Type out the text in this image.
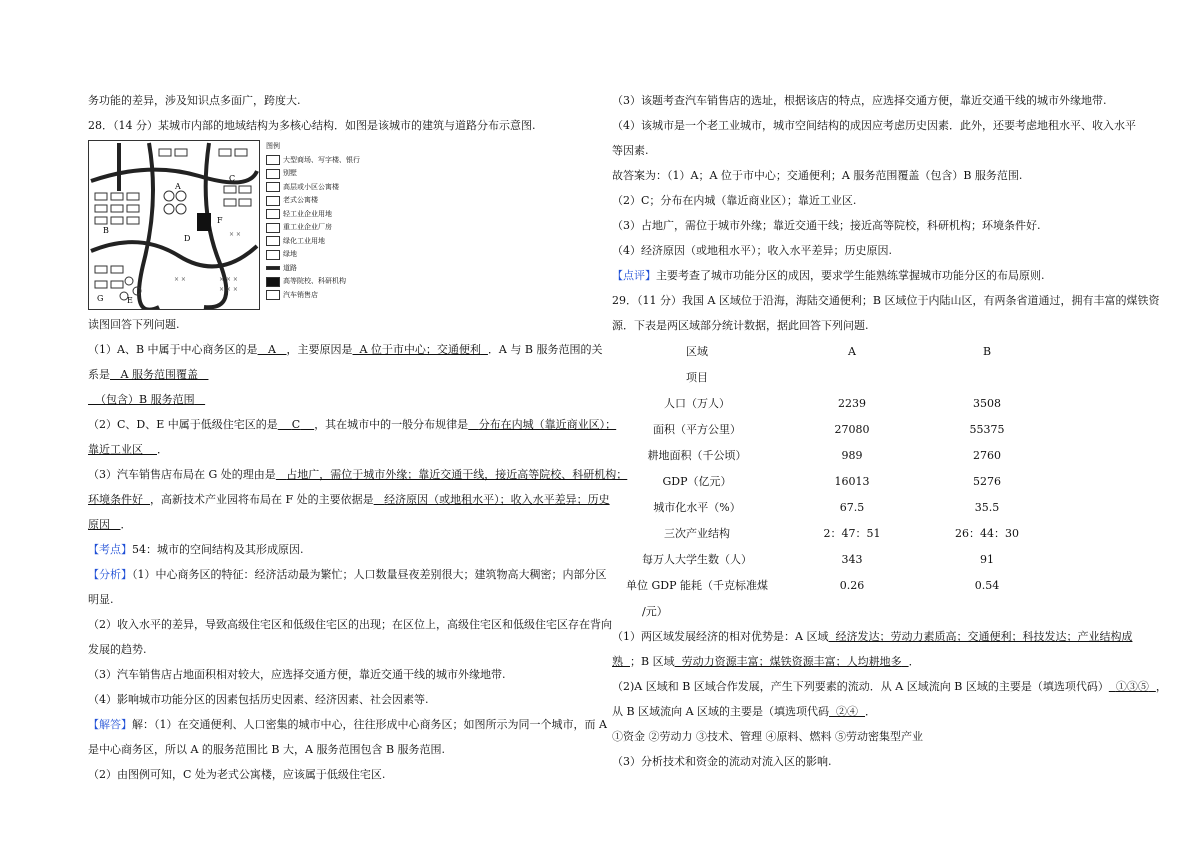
务功能的差异，涉及知识点多面广，跨度大.

28．（14 分）某城市内部的地域结构为多核心结构．如图是该城市的建筑与道路分布示意图.

× × ×
× × ×
× ×
× ×
A
B
C
D
E
F
G
图例
大型商场、写字楼、银行
别墅
高层或小区公寓楼
老式公寓楼
轻工业企业用地
重工业企业厂房
绿化工业用地
绿地
道路
高等院校、科研机构
汽车销售店

读图回答下列问题.

（1）A、B 中属于中心商务区的是 A ，主要原因是 A 位于市中心；交通便利 ．A 与 B 服务范围的关

系是 A 服务范围覆盖

（包含）B 服务范围

（2）C、D、E 中属于低级住宅区的是 C ，其在城市中的一般分布规律是 分布在内城（靠近商业区）；

靠近工业区 ．

（3）汽车销售店布局在 G 处的理由是 占地广，需位于城市外缘；靠近交通干线，接近高等院校、科研机构；

环境条件好 ，高新技术产业园将布局在 F 处的主要依据是 经济原因（或地租水平）；收入水平差异；历史

原因 ．

【考点】54：城市的空间结构及其形成原因.

【分析】（1）中心商务区的特征：经济活动最为繁忙；人口数量昼夜差别很大；建筑物高大稠密；内部分区

明显.

（2）收入水平的差异，导致高级住宅区和低级住宅区的出现；在区位上，高级住宅区和低级住宅区存在背向

发展的趋势.

（3）汽车销售店占地面积相对较大，应选择交通方便，靠近交通干线的城市外缘地带.

（4）影响城市功能分区的因素包括历史因素、经济因素、社会因素等.

【解答】解：（1）在交通便利、人口密集的城市中心，往往形成中心商务区；如图所示为同一个城市，而 A

是中心商务区，所以 A 的服务范围比 B 大，A 服务范围包含 B 服务范围.

（2）由图例可知，C 处为老式公寓楼，应该属于低级住宅区.

（3）该题考查汽车销售店的选址，根据该店的特点，应选择交通方便，靠近交通干线的城市外缘地带.

（4）该城市是一个老工业城市，城市空间结构的成因应考虑历史因素．此外，还要考虑地租水平、收入水平

等因素.

故答案为：（1）A；A 位于市中心；交通便利；A 服务范围覆盖（包含）B 服务范围.

（2）C；分布在内城（靠近商业区）；靠近工业区.

（3）占地广，需位于城市外缘；靠近交通干线；接近高等院校，科研机构；环境条件好.

（4）经济原因（或地租水平）；收入水平差异；历史原因.

【点评】主要考查了城市功能分区的成因，要求学生能熟练掌握城市功能分区的布局原则.

29．（11 分）我国 A 区域位于沿海，海陆交通便利；B 区域位于内陆山区，有两条省道通过，拥有丰富的煤铁资

源．下表是两区域部分统计数据，据此回答下列问题.

区域	A	B
项目		
人口（万人）	2239	3508
面积（平方公里）	27080	55375
耕地面积（千公顷）	989	2760
GDP（亿元）	16013	5276
城市化水平（%）	67.5	35.5
三次产业结构	2：47：51	26：44：30
每万人大学生数（人）	343	91
单位 GDP 能耗（千克标准煤	0.26	0.54
/元）		

（1）两区域发展经济的相对优势是：A 区域 经济发达；劳动力素质高；交通便利；科技发达；产业结构成

熟 ；B 区域 劳动力资源丰富；煤铁资源丰富；人均耕地多 ．

（2)A 区域和 B 区域合作发展，产生下列要素的流动．从 A 区域流向 B 区域的主要是（填选项代码） ①③⑤ ，

从 B 区域流向 A 区域的主要是（填选项代码 ②④ ．

①资金 ②劳动力 ③技术、管理 ④原料、燃料 ⑤劳动密集型产业

（3）分析技术和资金的流动对流入区的影响.
